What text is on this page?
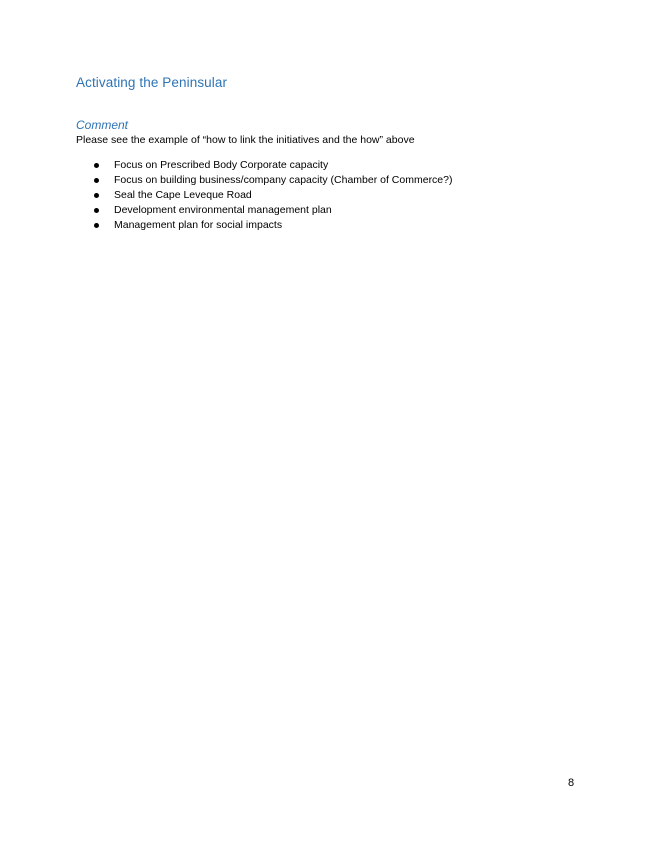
Activating the Peninsular
Comment
Please see the example of “how to link the initiatives and the how” above
Focus on Prescribed Body Corporate capacity
Focus on building business/company capacity (Chamber of Commerce?)
Seal the Cape Leveque Road
Development environmental management plan
Management plan for social impacts
8
